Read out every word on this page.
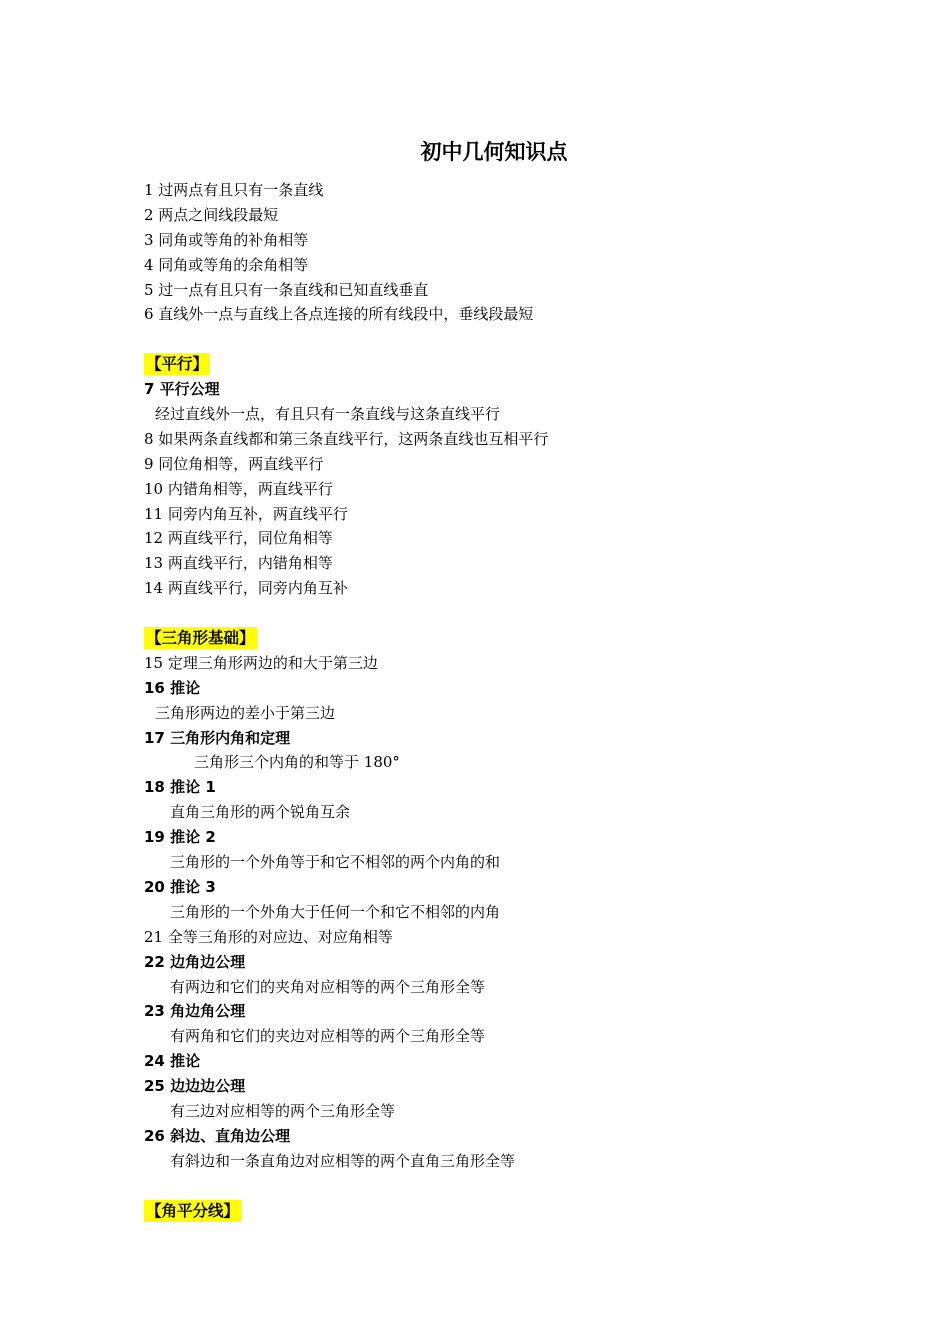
初中几何知识点
1 过两点有且只有一条直线
2 两点之间线段最短
3 同角或等角的补角相等
4 同角或等角的余角相等
5 过一点有且只有一条直线和已知直线垂直
6 直线外一点与直线上各点连接的所有线段中，垂线段最短
【平行】
7 平行公理
经过直线外一点，有且只有一条直线与这条直线平行
8 如果两条直线都和第三条直线平行，这两条直线也互相平行
9 同位角相等，两直线平行
10 内错角相等，两直线平行
11 同旁内角互补，两直线平行
12 两直线平行，同位角相等
13 两直线平行，内错角相等
14 两直线平行，同旁内角互补
【三角形基础】
15 定理三角形两边的和大于第三边
16 推论
三角形两边的差小于第三边
17 三角形内角和定理
三角形三个内角的和等于 180°
18 推论 1
直角三角形的两个锐角互余
19 推论 2
三角形的一个外角等于和它不相邻的两个内角的和
20 推论 3
三角形的一个外角大于任何一个和它不相邻的内角
21 全等三角形的对应边、对应角相等
22 边角边公理
有两边和它们的夹角对应相等的两个三角形全等
23 角边角公理
有两角和它们的夹边对应相等的两个三角形全等
24 推论
25 边边边公理
有三边对应相等的两个三角形全等
26 斜边、直角边公理
有斜边和一条直角边对应相等的两个直角三角形全等
【角平分线】
